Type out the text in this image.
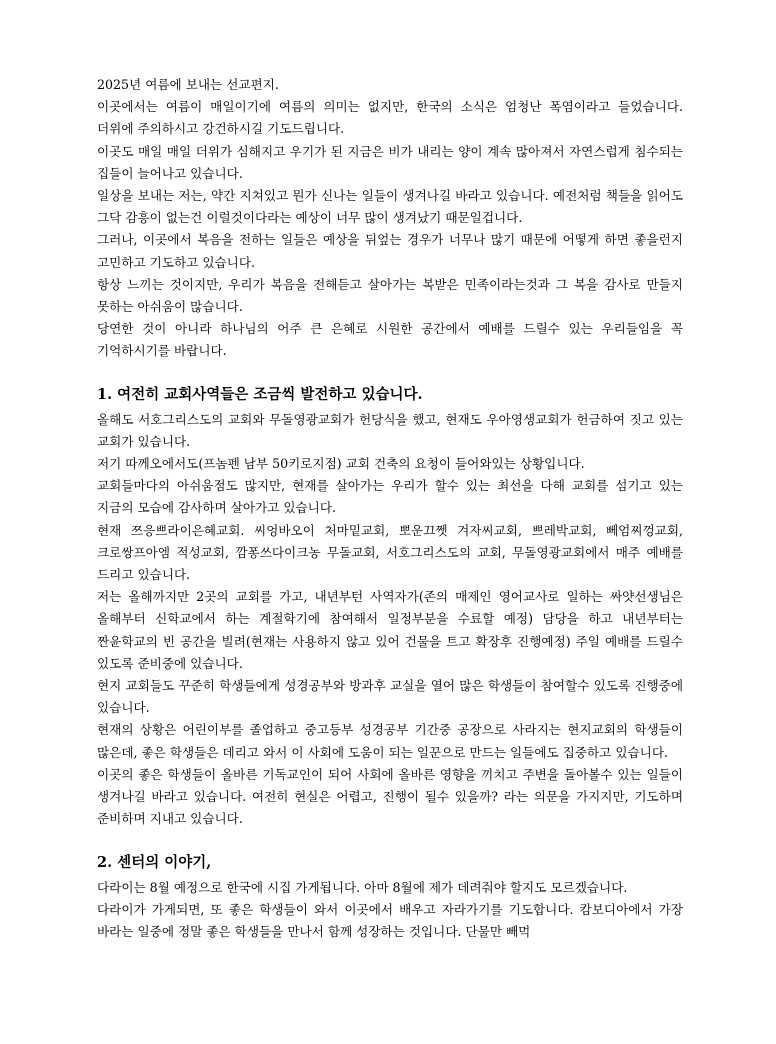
2025년 여름에 보내는 선교편지.

이곳에서는 여름이 매일이기에 여름의 의미는 없지만, 한국의 소식은 엄청난 폭염이라고 들었습니다. 더위에 주의하시고 강건하시길 기도드립니다.

이곳도 매일 매일 더위가 심해지고 우기가 된 지금은 비가 내리는 양이 계속 많아져서 자연스럽게 침수되는 집들이 늘어나고 있습니다.

일상을 보내는 저는, 약간 지쳐있고 뭔가 신나는 일들이 생겨나길 바라고 있습니다. 예전처럼 책들을 읽어도 그닥 감흥이 없는건 이럴것이다라는 예상이 너무 많이 생겨났기 때문일겁니다.

그러나, 이곳에서 복음을 전하는 일들은 예상을 뒤엎는 경우가 너무나 많기 때문에 어떻게 하면 좋을런지 고민하고 기도하고 있습니다.

항상 느끼는 것이지만, 우리가 복음을 전해듣고 살아가는 복받은 민족이라는것과 그 복을 감사로 만들지 못하는 아쉬움이 많습니다.

당연한 것이 아니라 하나님의 어주 큰 은혜로 시원한 공간에서 예배를 드릴수 있는 우리들임을 꼭 기억하시기를 바랍니다.

1. 여전히 교회사역들은 조금씩 발전하고 있습니다.

올해도 서호그리스도의 교회와 무돌영광교회가 헌당식을 했고, 현재도 우아영생교회가 헌금하여 짓고 있는 교회가 있습니다.

저기 따께오에서도(프놈펜 남부 50키로지점) 교회 건축의 요청이 들어와있는 상황입니다.

교회들마다의 아쉬움점도 많지만, 현재를 살아가는 우리가 할수 있는 최선을 다해 교회를 섬기고 있는 지금의 모습에 감사하며 살아가고 있습니다.

현재 쯔응쁘라이은혜교회. 씨엉바오이 처마밑교회, 뽀운끄쩻 겨자씨교회, 쁘레박교회, 뻬엄찌껑교회, 크로쌍프아엠 적성교회, 깜퐁쓰다이크농 무돌교회, 서호그리스도의 교회, 무돌영광교회에서 매주 예배를 드리고 있습니다.

저는 올해까지만 2곳의 교회를 가고, 내년부턴 사역자가(존의 매제인 영어교사로 일하는 싸얏선생님은 올해부터 신학교에서 하는 계절학기에 참여해서 일정부분을 수료할 예정) 담당을 하고 내년부터는 짠윤학교의 빈 공간을 빌려(현재는 사용하지 않고 있어 건물을 트고 확장후 진행예정) 주일 예배를 드릴수 있도록 준비중에 있습니다.

현지 교회들도 꾸준히 학생들에게 성경공부와 방과후 교실을 열어 많은 학생들이 참여할수 있도록 진행중에 있습니다.

현재의 상황은 어린이부를 졸업하고 중고등부 성경공부 기간중 공장으로 사라지는 현지교회의 학생들이 많은데, 좋은 학생들은 데리고 와서 이 사회에 도움이 되는 일꾼으로 만드는 일들에도 집중하고 있습니다.

이곳의 좋은 학생들이 올바른 기독교인이 되어 사회에 올바른 영향을 끼치고 주변을 돌아볼수 있는 일들이 생겨나길 바라고 있습니다. 여전히 현실은 어렵고, 진행이 될수 있을까? 라는 의문을 가지지만, 기도하며 준비하며 지내고 있습니다.

2. 센터의 이야기,

다라이는 8월 예정으로 한국에 시집 가게됩니다. 아마 8월에 제가 데려줘야 할지도 모르겠습니다.

다라이가 가게되면, 또 좋은 학생들이 와서 이곳에서 배우고 자라가기를 기도합니다. 캄보디아에서 가장 바라는 일중에 정말 좋은 학생들을 만나서 함께 성장하는 것입니다. 단물만 빼먹
